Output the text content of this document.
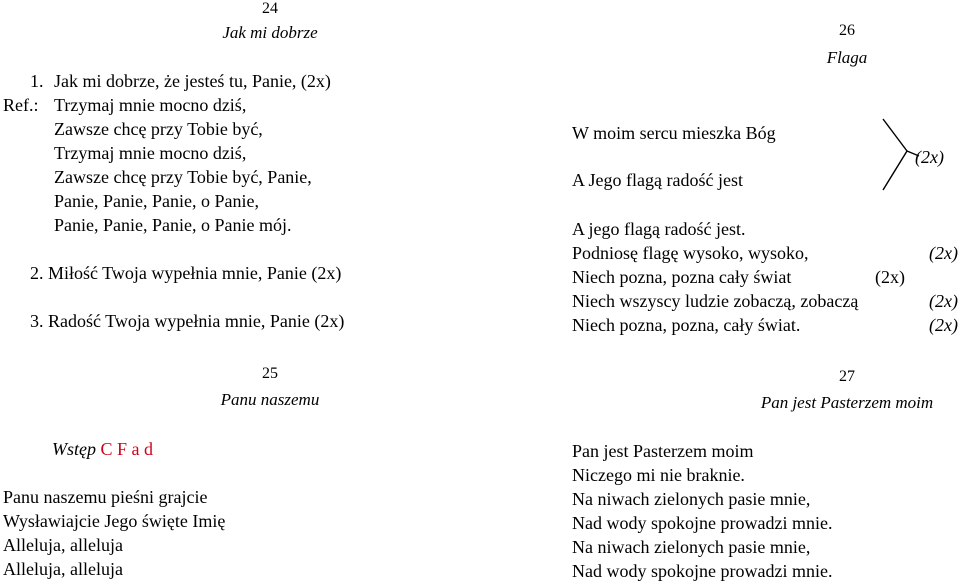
24
Jak mi dobrze
1. Jak mi dobrze, że jesteś tu, Panie, (2x)
Ref.: Trzymaj mnie mocno dziś,
Zawsze chcę przy Tobie być,
Trzymaj mnie mocno dziś,
Zawsze chcę przy Tobie być, Panie,
Panie, Panie, Panie, o Panie,
Panie, Panie, Panie, o Panie mój.
2. Miłość Twoja wypełnia mnie, Panie (2x)
3. Radość Twoja wypełnia mnie, Panie (2x)
25
Panu naszemu
Wstęp C F a d
Panu naszemu pieśni grajcie
Wysławiajcie Jego święte Imię
Alleluja, alleluja
Alleluja, alleluja
26
Flaga
W moim sercu mieszka Bóg
A Jego flagą radość jest
(2x)
A jego flagą radość jest.
Podniosę flagę wysoko, wysoko,	(2x)
Niech pozna, pozna cały świat	(2x)
Niech wszyscy ludzie zobaczą, zobaczą	(2x)
Niech pozna, pozna, cały świat.	(2x)
27
Pan jest Pasterzem moim
Pan jest Pasterzem moim
Niczego mi nie braknie.
Na niwach zielonych pasie mnie,
Nad wody spokojne prowadzi mnie.
Na niwach zielonych pasie mnie,
Nad wody spokojne prowadzi mnie.
